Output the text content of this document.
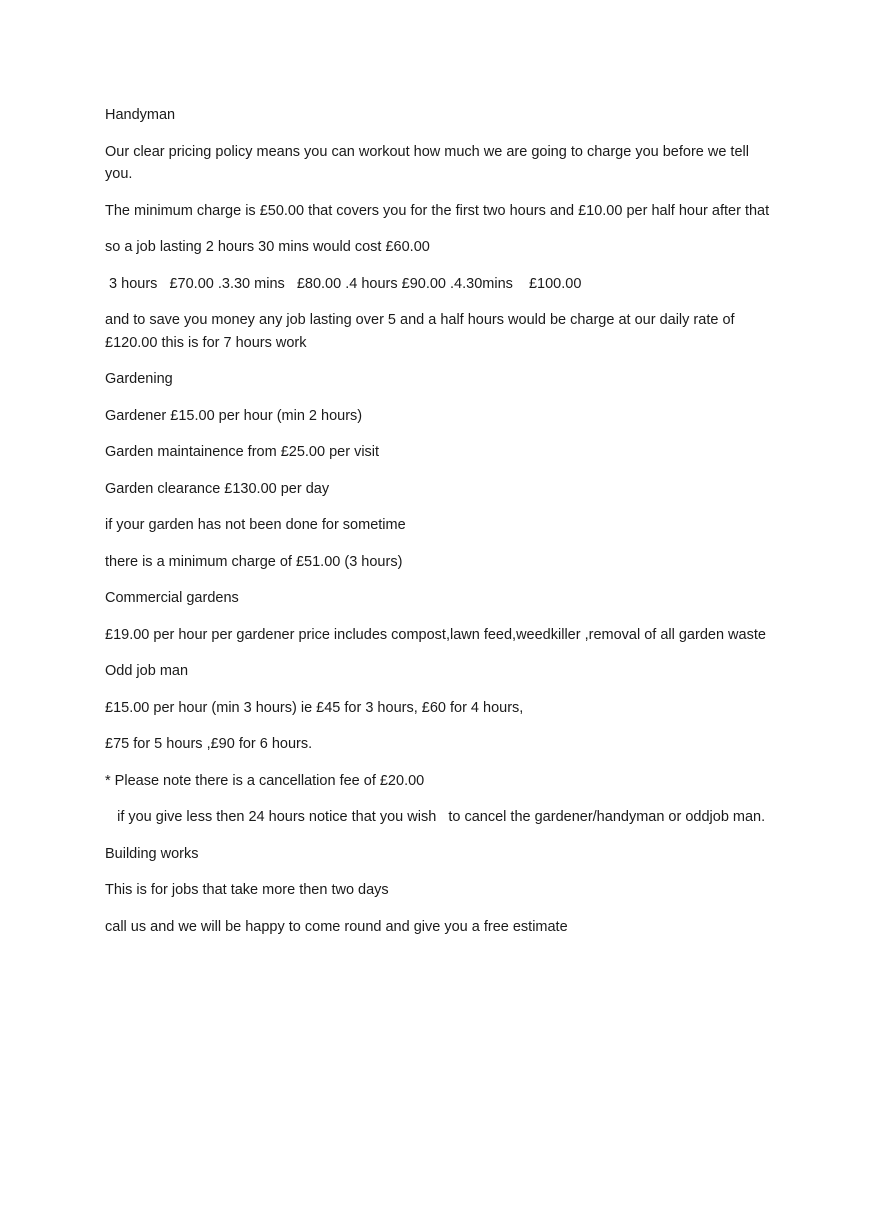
Handyman

Our clear pricing policy means you can workout how much we are going to charge you before we tell you.

The minimum charge is £50.00 that covers you for the first two hours and £10.00 per half hour after that

so a job lasting 2 hours 30 mins would cost £60.00

3 hours   £70.00 .3.30 mins   £80.00 .4 hours £90.00 .4.30mins    £100.00

and to save you money any job lasting over 5 and a half hours would be charge at our daily rate of £120.00 this is for 7 hours work

Gardening

Gardener £15.00 per hour (min 2 hours)

Garden maintainence from £25.00 per visit

Garden clearance £130.00 per day

if your garden has not been done for sometime

there is a minimum charge of £51.00 (3 hours)

Commercial gardens

£19.00 per hour per gardener price includes compost,lawn feed,weedkiller ,removal of all garden waste

Odd job man

£15.00 per hour (min 3 hours) ie £45 for 3 hours, £60 for 4 hours,

£75 for 5 hours ,£90 for 6 hours.

* Please note there is a cancellation fee of £20.00

if you give less then 24 hours notice that you wish   to cancel the gardener/handyman or oddjob man.

Building works

This is for jobs that take more then two days

call us and we will be happy to come round and give you a free estimate
